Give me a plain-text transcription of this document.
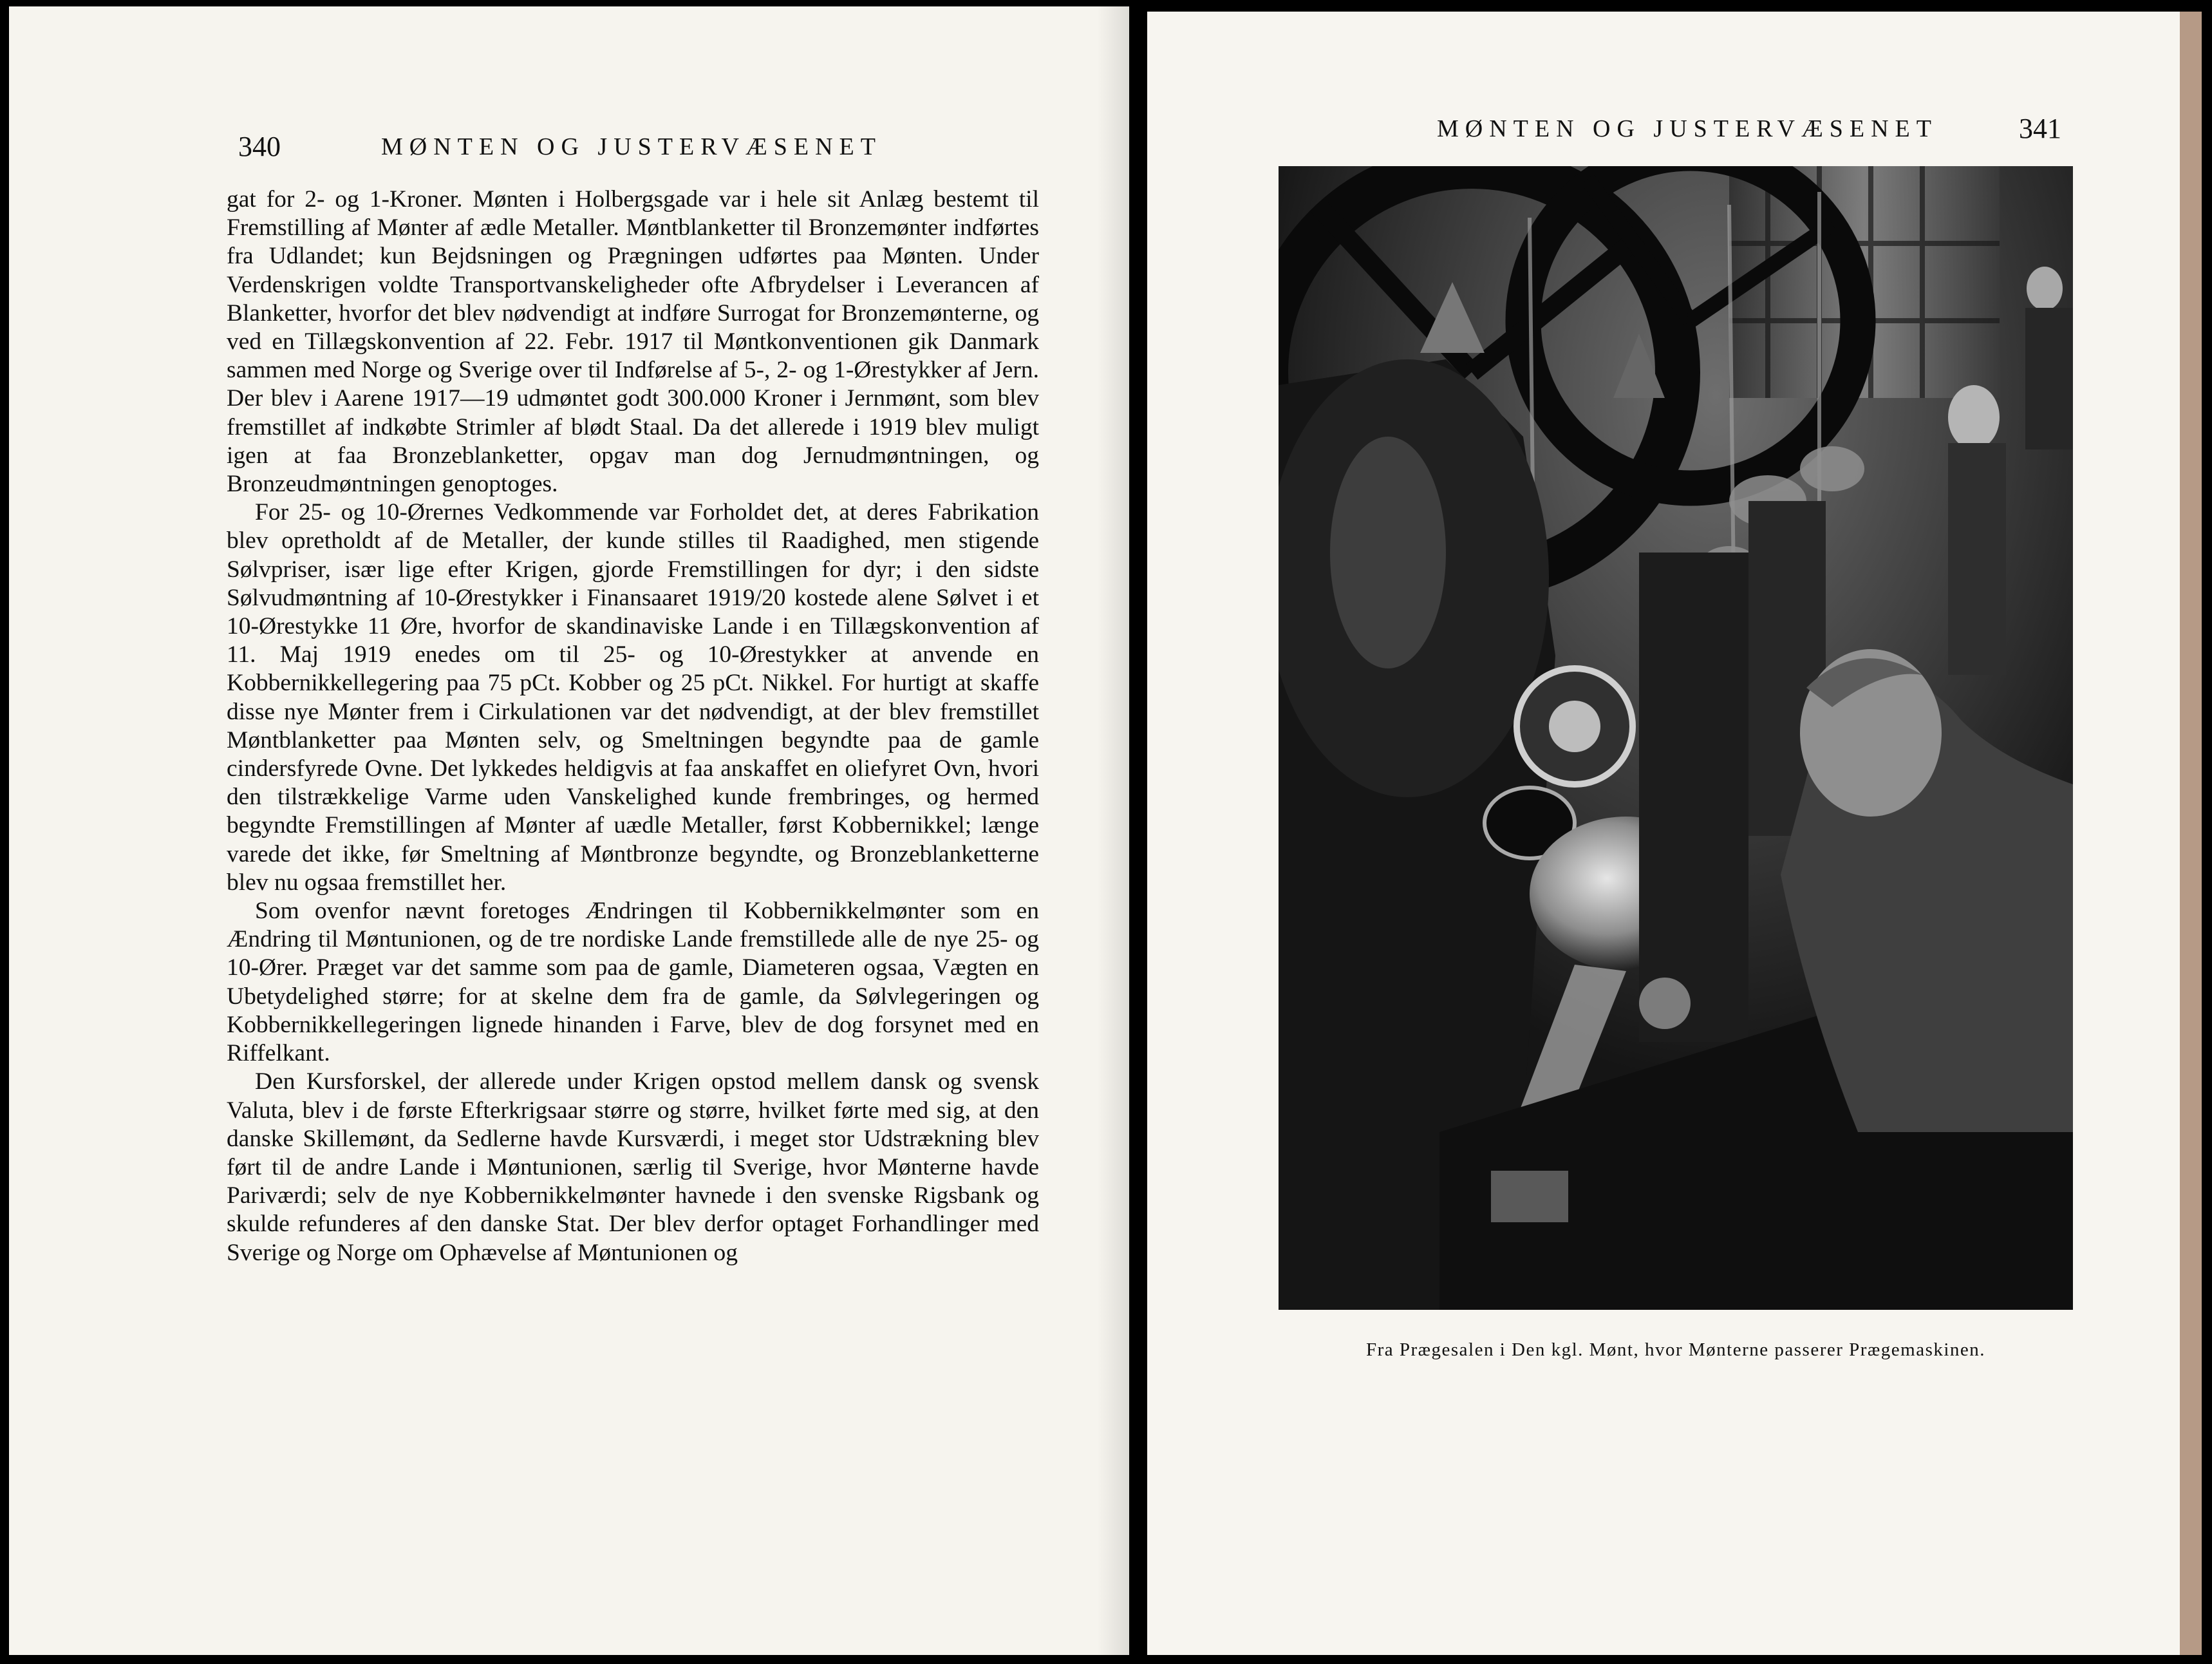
340	MØNTEN OG JUSTERVÆSENET

gat for 2- og 1-Kroner. Mønten i Holbergsgade var i hele sit Anlæg bestemt til Fremstilling af Mønter af ædle Metaller. Møntblanketter til Bronzemønter indførtes fra Udlandet; kun Bejdsningen og Prægningen udførtes paa Mønten. Under Verdenskrigen voldte Transportvanskeligheder ofte Afbrydelser i Leverancen af Blanketter, hvorfor det blev nødvendigt at indføre Surrogat for Bronzemønterne, og ved en Tillægskonvention af 22. Febr. 1917 til Møntkonventionen gik Danmark sammen med Norge og Sverige over til Indførelse af 5-, 2- og 1-Ørestykker af Jern. Der blev i Aarene 1917—19 udmøntet godt 300.000 Kroner i Jernmønt, som blev fremstillet af indkøbte Strimler af blødt Staal. Da det allerede i 1919 blev muligt igen at faa Bronzeblanketter, opgav man dog Jernudmøntningen, og Bronzeudmøntningen genoptoges.

For 25- og 10-Ørernes Vedkommende var Forholdet det, at deres Fabrikation blev opretholdt af de Metaller, der kunde stilles til Raadighed, men stigende Sølvpriser, især lige efter Krigen, gjorde Fremstillingen for dyr; i den sidste Sølvudmøntning af 10-Ørestykker i Finansaaret 1919/20 kostede alene Sølvet i et 10-Ørestykke 11 Øre, hvorfor de skandinaviske Lande i en Tillægskonvention af 11. Maj 1919 enedes om til 25- og 10-Ørestykker at anvende en Kobbernikkellegering paa 75 pCt. Kobber og 25 pCt. Nikkel. For hurtigt at skaffe disse nye Mønter frem i Cirkulationen var det nødvendigt, at der blev fremstillet Møntblanketter paa Mønten selv, og Smeltningen begyndte paa de gamle cindersfyrede Ovne. Det lykkedes heldigvis at faa anskaffet en oliefyret Ovn, hvori den tilstrækkelige Varme uden Vanskelighed kunde frembringes, og hermed begyndte Fremstillingen af Mønter af uædle Metaller, først Kobbernikkel; længe varede det ikke, før Smeltning af Møntbronze begyndte, og Bronzeblanketterne blev nu ogsaa fremstillet her.

Som ovenfor nævnt foretoges Ændringen til Kobbernikkelmønter som en Ændring til Møntunionen, og de tre nordiske Lande fremstillede alle de nye 25- og 10-Ører. Præget var det samme som paa de gamle, Diameteren ogsaa, Vægten en Ubetydelighed større; for at skelne dem fra de gamle, da Sølvlegeringen og Kobbernikkellegeringen lignede hinanden i Farve, blev de dog forsynet med en Riffelkant.

Den Kursforskel, der allerede under Krigen opstod mellem dansk og svensk Valuta, blev i de første Efterkrigsaar større og større, hvilket førte med sig, at den danske Skillemønt, da Sedlerne havde Kursværdi, i meget stor Udstrækning blev ført til de andre Lande i Møntunionen, særlig til Sverige, hvor Mønterne havde Pariværdi; selv de nye Kobbernikkelmønter havnede i den svenske Rigsbank og skulde refunderes af den danske Stat. Der blev derfor optaget Forhandlinger med Sverige og Norge om Ophævelse af Møntunionen og

MØNTEN OG JUSTERVÆSENET	341
Fra Prægesalen i Den kgl. Mønt, hvor Mønterne passerer Prægemaskinen.
